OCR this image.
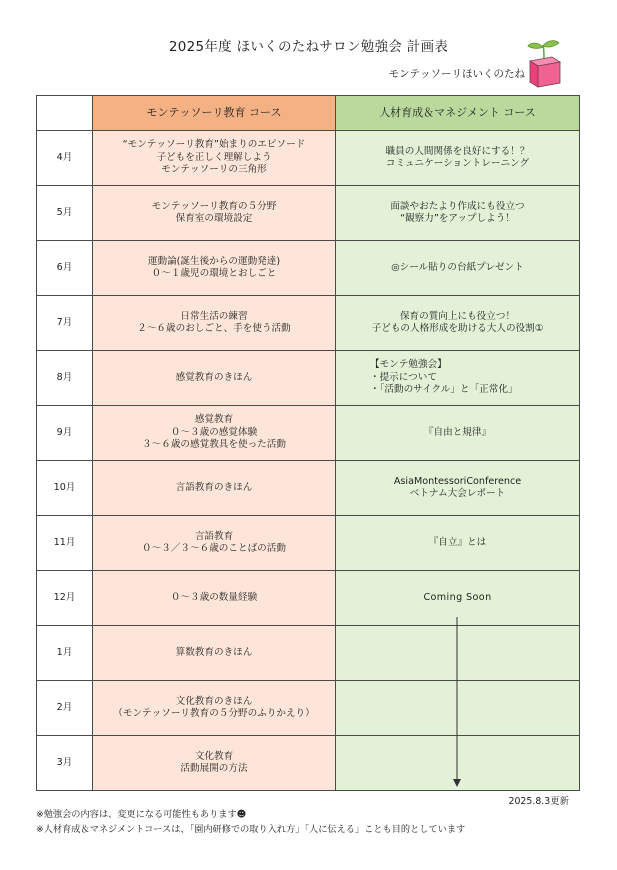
2025年度 ほいくのたねサロン勉強会 計画表
モンテッソーリほいくのたね
	モンテッソーリ教育 コース	人材育成＆マネジメント コース
4月	“モンテッソーリ教育”始まりのエピソード
子どもを正しく理解しよう
モンテッソーリの三角形	職員の人間関係を良好にする！？
コミュニケーショントレーニング
5月	モンテッソーリ教育の５分野
保育室の環境設定	面談やおたより作成にも役立つ
“観察力”をアップしよう！
6月	運動論(誕生後からの運動発達)
０～１歳児の環境とおしごと	◎シール貼りの台紙プレゼント
7月	日常生活の練習
２～６歳のおしごと、手を使う活動	保育の質向上にも役立つ！
子どもの人格形成を助ける大人の役割①
8月	感覚教育のきほん	【モンテ勉強会】
・提示について
・「活動のサイクル」と「正常化」
9月	感覚教育
０～３歳の感覚体験
３～６歳の感覚教具を使った活動	『自由と規律』
10月	言語教育のきほん	AsiaMontessoriConference
ベトナム大会レポート
11月	言語教育
０～３／３～６歳のことばの活動	『自立』とは
12月	０～３歳の数量経験	Coming Soon
1月	算数教育のきほん	
2月	文化教育のきほん
（モンテッソーリ教育の５分野のふりかえり）	
3月	文化教育
活動展開の方法	
2025.8.3更新
※勉強会の内容は、変更になる可能性もあります☻
※人材育成＆マネジメントコースは、「園内研修での取り入れ方」「人に伝える」ことも目的としています
